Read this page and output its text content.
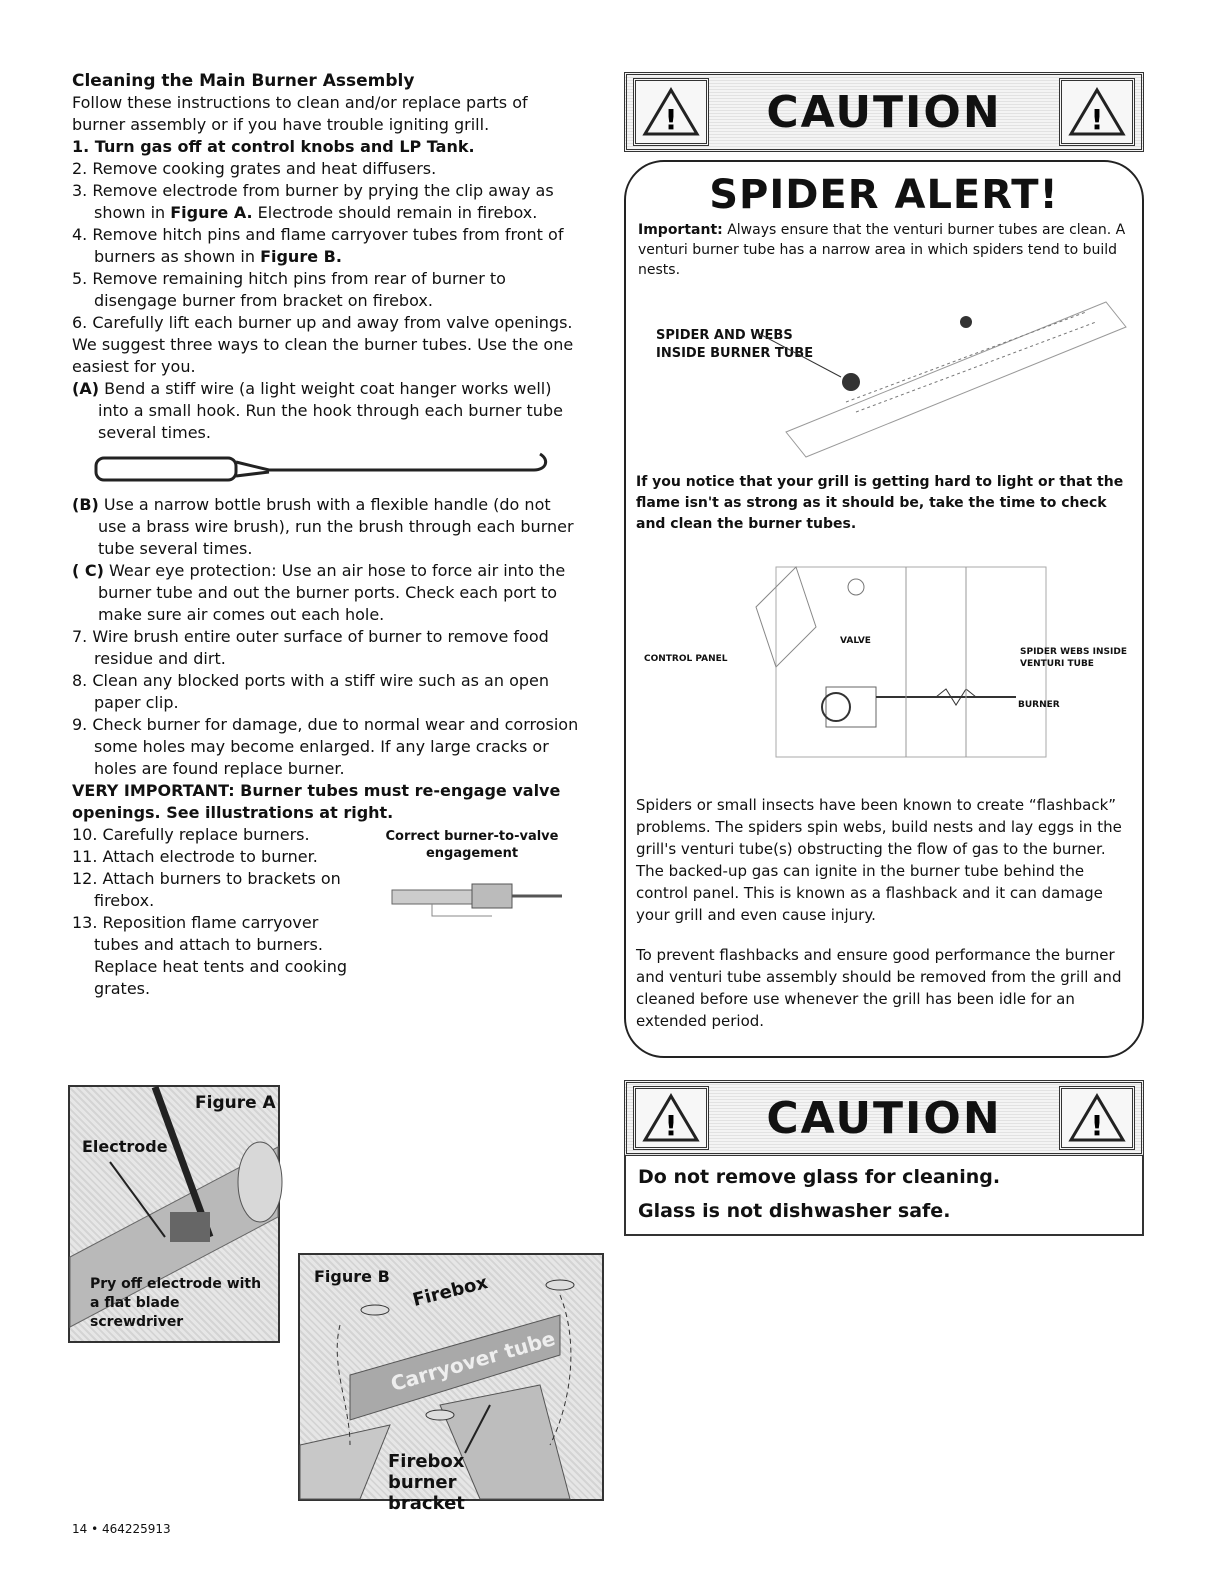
Cleaning the Main Burner Assembly

Follow these instructions to clean and/or replace parts of burner assembly or if you have trouble igniting grill.

1. Turn gas off at control knobs and LP Tank.

2. Remove cooking grates and heat diffusers.

3. Remove electrode from burner by prying the clip away as shown in Figure A. Electrode should remain in firebox.

4. Remove hitch pins and flame carryover tubes from front of burners as shown in Figure B.

5. Remove remaining hitch pins from rear of burner to disengage burner from bracket on firebox.

6. Carefully lift each burner up and away from valve openings.

We suggest three ways to clean the burner tubes. Use the one easiest for you.

(A) Bend a stiff wire (a light weight coat hanger works well) into a small hook. Run the hook through each burner tube several times.

(B) Use a narrow bottle brush with a flexible handle (do not use a brass wire brush), run the brush through each burner tube several times.

( C) Wear eye protection: Use an air hose to force air into the burner tube and out the burner ports. Check each port to make sure air comes out each hole.

7. Wire brush entire outer surface of burner to remove food residue and dirt.

8. Clean any blocked ports with a stiff wire such as an open paper clip.

9. Check burner for damage, due to normal wear and corrosion some holes may become enlarged. If any large cracks or holes are found replace burner.

VERY IMPORTANT: Burner tubes must re-engage valve openings. See illustrations at right.

10. Carefully replace burners.

11. Attach electrode to burner.

12. Attach burners to brackets on firebox.

13. Reposition flame carryover tubes and attach to burners. Replace heat tents and cooking grates.

Correct burner-to-valve engagement
Figure A
Electrode
Pry off electrode with a flat blade screwdriver
Figure B Firebox
Carryover tube
Firebox burner bracket
! CAUTION	!
SPIDER ALERT!
Important: Always ensure that the venturi burner tubes are clean. A venturi burner tube has a narrow area in which spiders tend to build nests.
SPIDER AND WEBS INSIDE BURNER TUBE
If you notice that your grill is getting hard to light or that the flame isn't as strong as it should be, take the time to check and clean the burner tubes.
CONTROL PANEL
VALVE
SPIDER WEBS INSIDE VENTURI TUBE
BURNER
Spiders or small insects have been known to create “flashback” problems. The spiders spin webs, build nests and lay eggs in the grill's venturi tube(s) obstructing the flow of gas to the burner. The backed-up gas can ignite in the burner tube behind the control panel. This is known as a flashback and it can damage your grill and even cause injury.
To prevent flashbacks and ensure good performance the burner and venturi tube assembly should be removed from the grill and cleaned before use whenever the grill has been idle for an extended period.
! CAUTION	!
Do not remove glass for cleaning.
Glass is not dishwasher safe.
14 • 464225913
